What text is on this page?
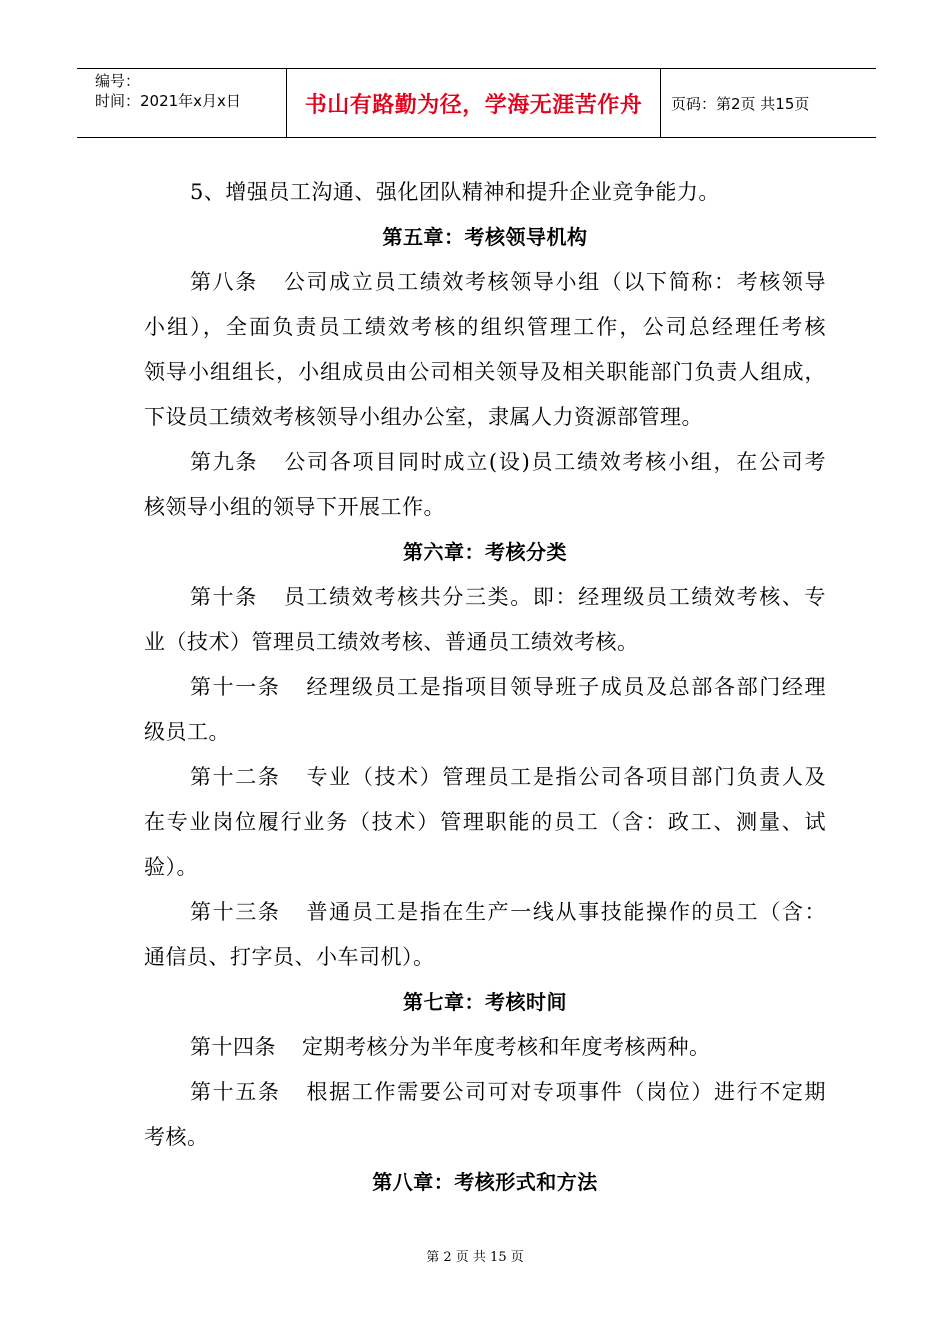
编号：
时间：2021年x月x日	书山有路勤为径，学海无涯苦作舟	页码：第2页 共15页
5、增强员工沟通、强化团队精神和提升企业竞争能力。
第五章：考核领导机构
第八条 公司成立员工绩效考核领导小组（以下简称：考核领导
小组），全面负责员工绩效考核的组织管理工作，公司总经理任考核
领导小组组长，小组成员由公司相关领导及相关职能部门负责人组成，
下设员工绩效考核领导小组办公室，隶属人力资源部管理。
第九条 公司各项目同时成立(设)员工绩效考核小组，在公司考
核领导小组的领导下开展工作。
第六章：考核分类
第十条 员工绩效考核共分三类。即：经理级员工绩效考核、专
业（技术）管理员工绩效考核、普通员工绩效考核。
第十一条 经理级员工是指项目领导班子成员及总部各部门经理
级员工。
第十二条 专业（技术）管理员工是指公司各项目部门负责人及
在专业岗位履行业务（技术）管理职能的员工（含：政工、测量、试
验）。
第十三条 普通员工是指在生产一线从事技能操作的员工（含：
通信员、打字员、小车司机）。
第七章：考核时间
第十四条 定期考核分为半年度考核和年度考核两种。
第十五条 根据工作需要公司可对专项事件（岗位）进行不定期
考核。
第八章：考核形式和方法
第 2 页 共 15 页
